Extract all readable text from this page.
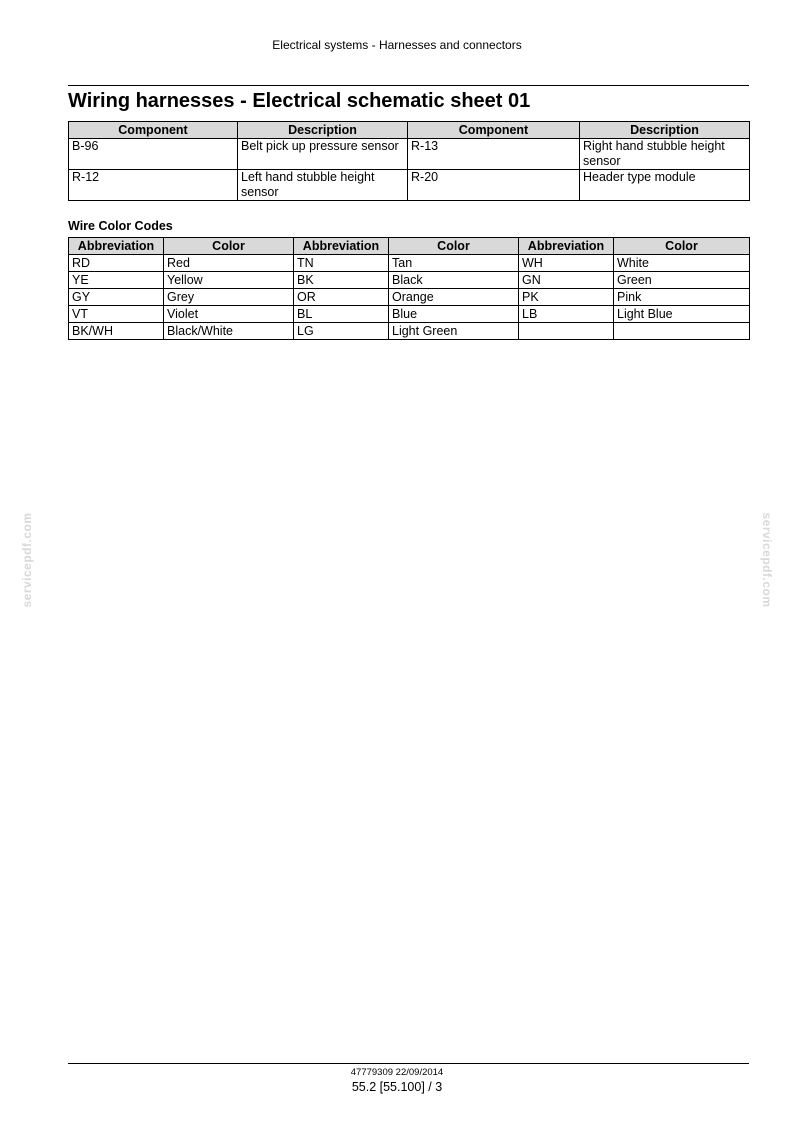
Electrical systems - Harnesses and connectors
Wiring harnesses - Electrical schematic sheet 01
Component	Description	Component	Description
B-96	Belt pick up pressure sensor	R-13	Right hand stubble height sensor
R-12	Left hand stubble height sensor	R-20	Header type module
Wire Color Codes
Abbreviation	Color	Abbreviation	Color	Abbreviation	Color
RD	Red	TN	Tan	WH	White
YE	Yellow	BK	Black	GN	Green
GY	Grey	OR	Orange	PK	Pink
VT	Violet	BL	Blue	LB	Light Blue
BK/WH	Black/White	LG	Light Green		
servicepdf.com	servicepdf.com
47779309 22/09/2014
55.2 [55.100] / 3
